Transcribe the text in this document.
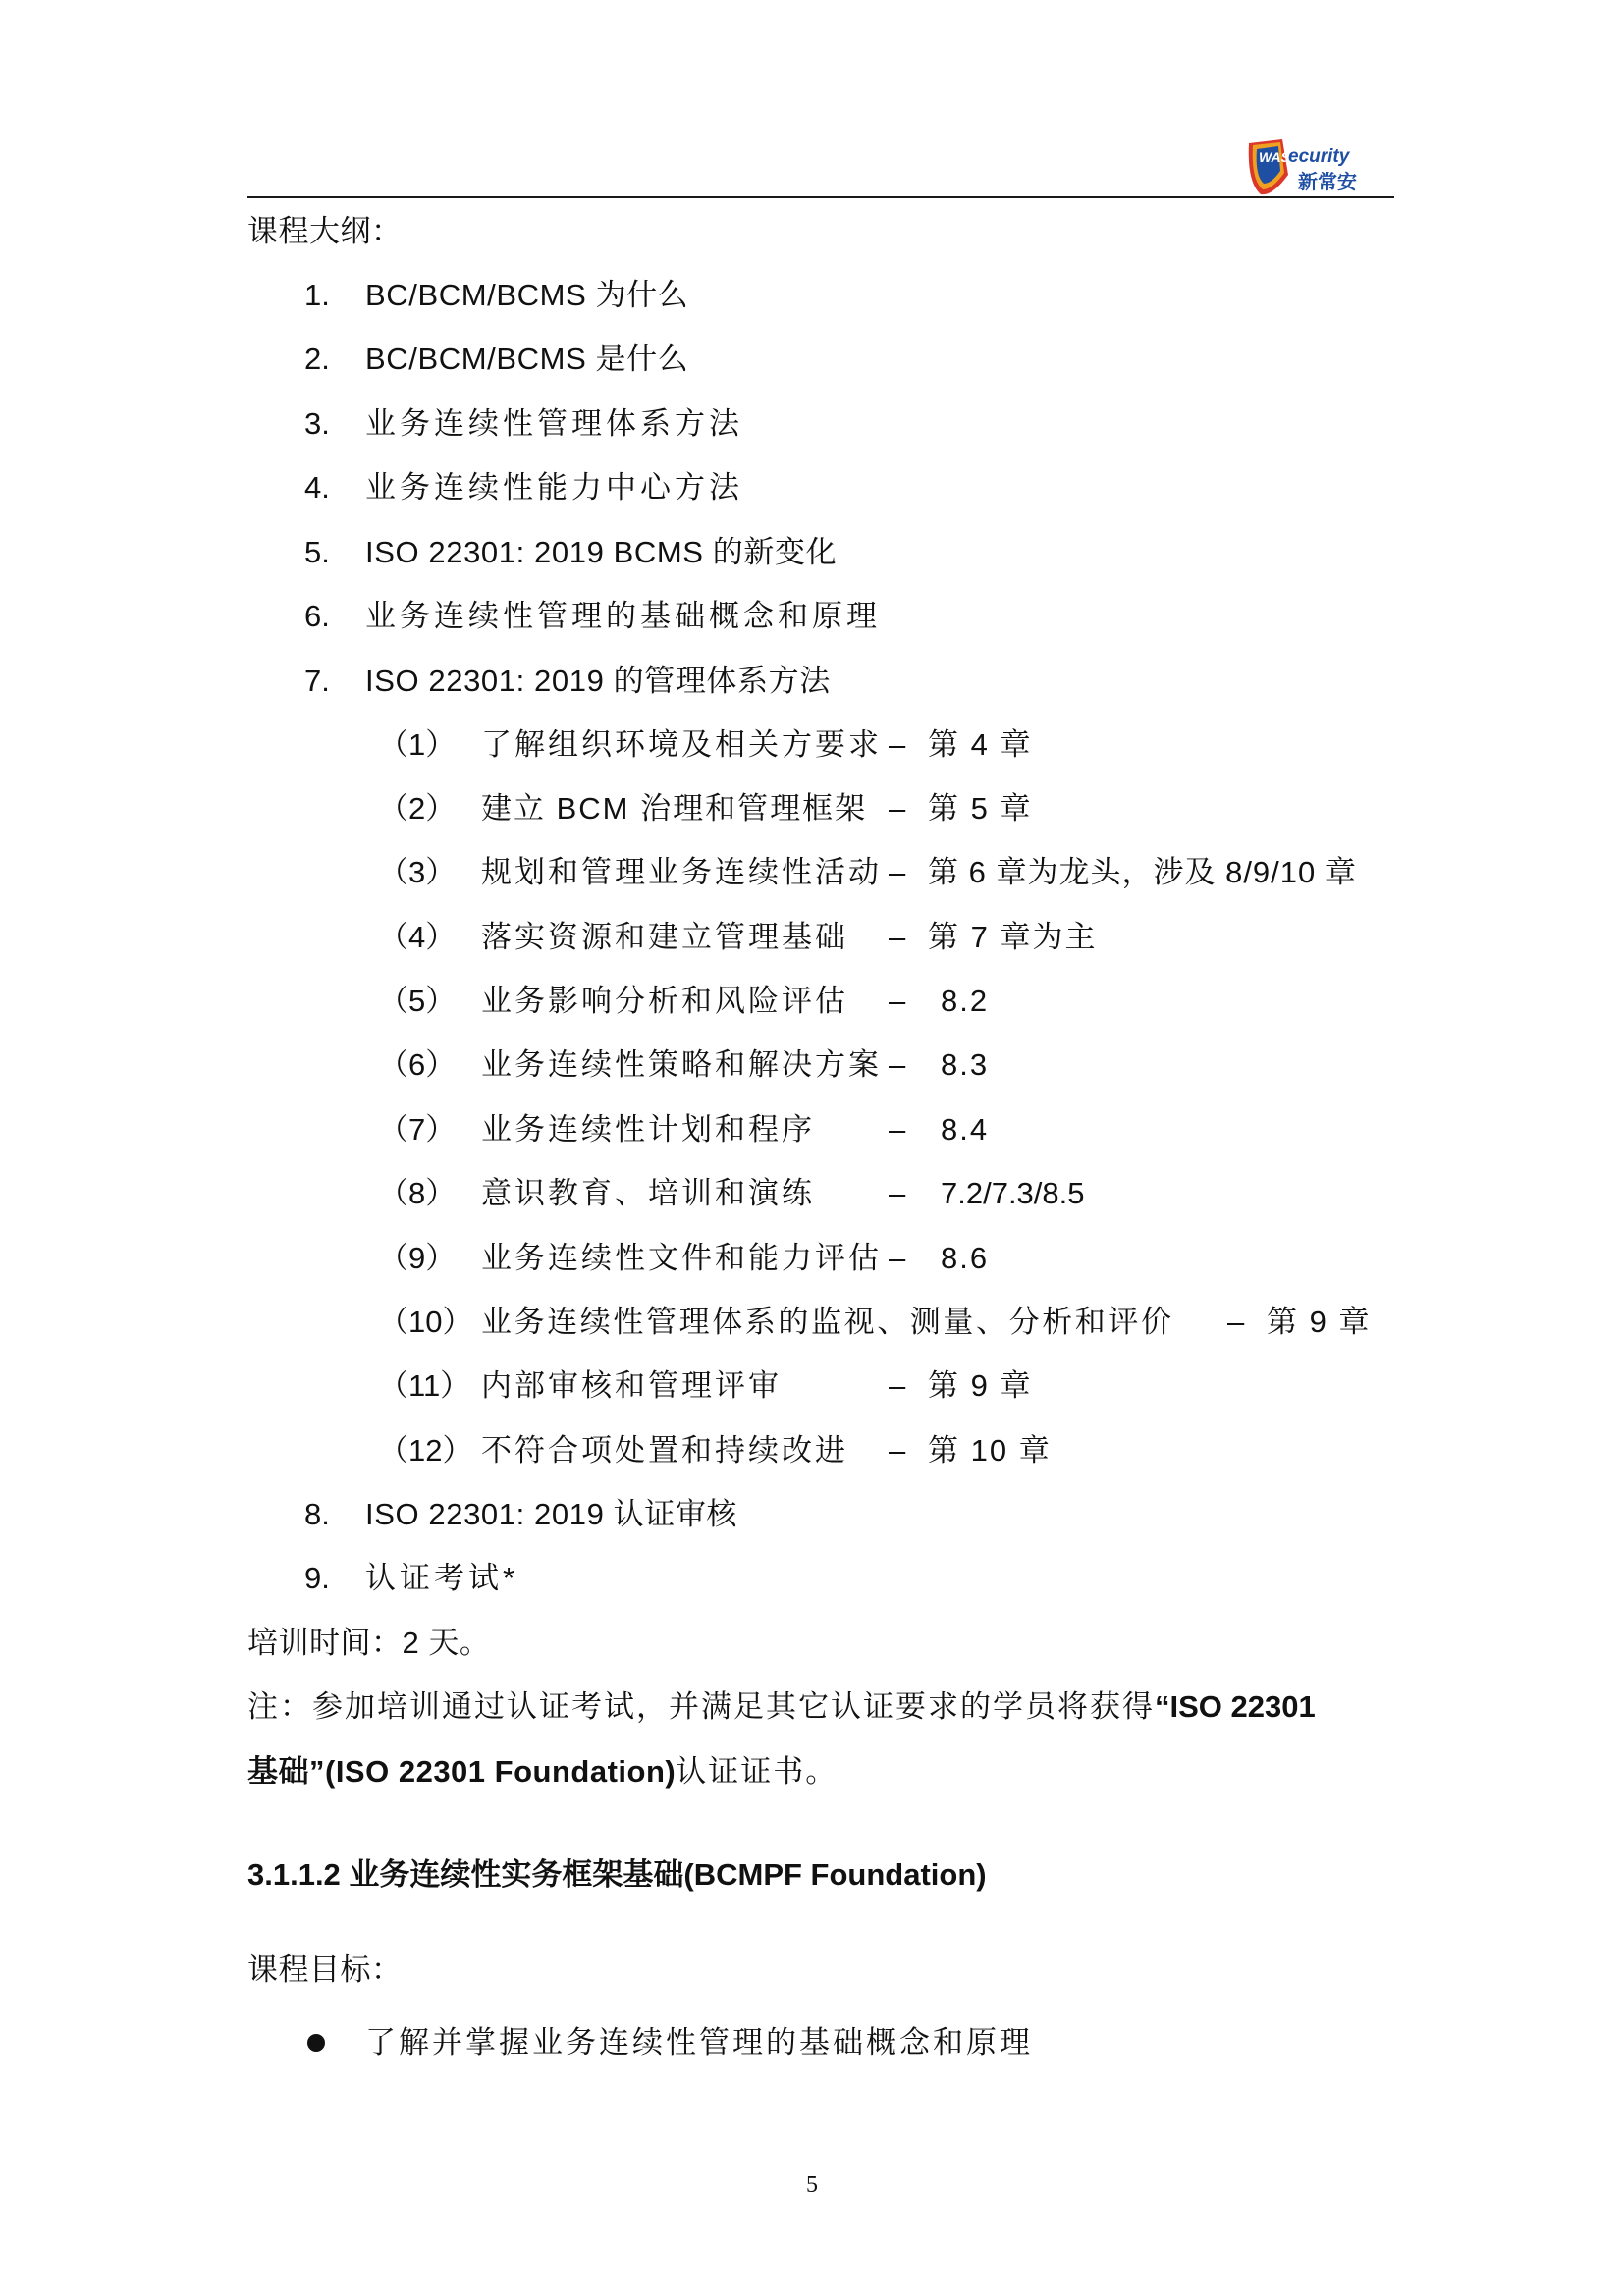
WAS
ecurity
新常安
课程大纲：
1. BC/BCM/BCMS 为什么
2. BC/BCM/BCMS 是什么
3. 业务连续性管理体系方法
4. 业务连续性能力中心方法
5. ISO 22301: 2019 BCMS 的新变化
6. 业务连续性管理的基础概念和原理
7. ISO 22301: 2019 的管理体系方法
（1） 了解组织环境及相关方要求 – 第 4 章
（2） 建立 BCM 治理和管理框架 – 第 5 章
（3） 规划和管理业务连续性活动 – 第 6 章为龙头，涉及 8/9/10 章
（4） 落实资源和建立管理基础 – 第 7 章为主
（5） 业务影响分析和风险评估 – 8.2
（6） 业务连续性策略和解决方案 – 8.3
（7） 业务连续性计划和程序 – 8.4
（8） 意识教育、培训和演练 – 7.2/7.3/8.5
（9） 业务连续性文件和能力评估 – 8.6
（10） 业务连续性管理体系的监视、测量、分析和评价 – 第 9 章
（11） 内部审核和管理评审	– 第 9 章
（12） 不符合项处置和持续改进 – 第 10 章
8. ISO 22301: 2019 认证审核
9. 认证考试*
培训时间：2 天。
注：参加培训通过认证考试，并满足其它认证要求的学员将获得“ISO 22301
基础”(ISO 22301 Foundation)认证证书。
3.1.1.2 业务连续性实务框架基础(BCMPF Foundation)
课程目标：
了解并掌握业务连续性管理的基础概念和原理
5
